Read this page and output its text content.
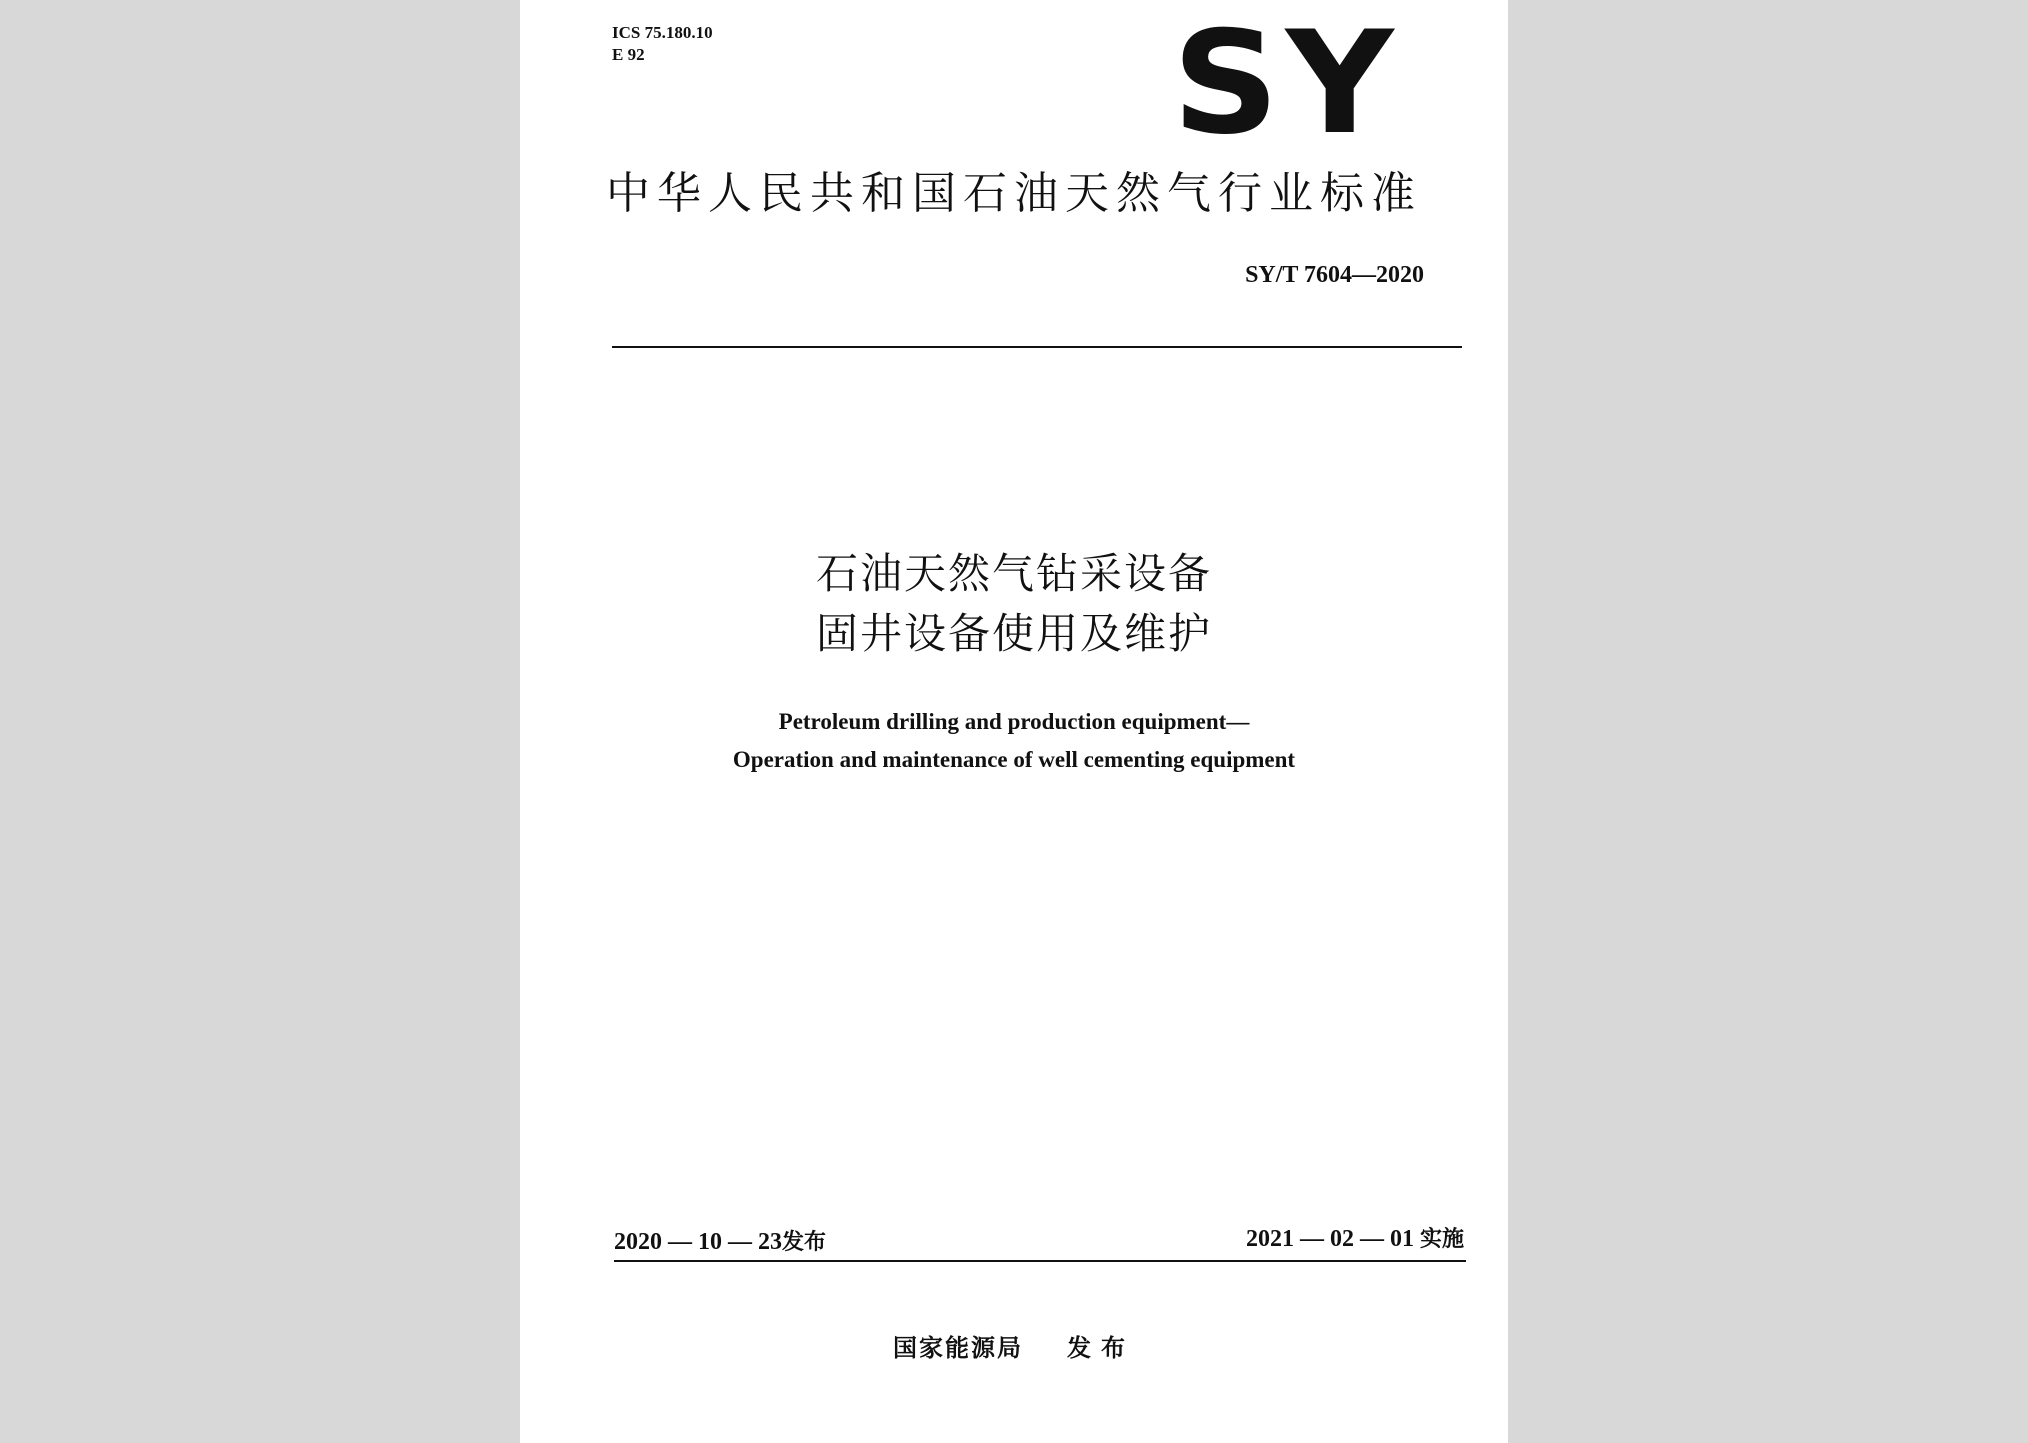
ICS 75.180.10
E 92	SY
中华人民共和国石油天然气行业标准
SY/T 7604—2020
石油天然气钻采设备
固井设备使用及维护
Petroleum drilling and production equipment—
Operation and maintenance of well cementing equipment
2020 — 10 — 23发布	2021 — 02 — 01 实施
国家能源局 发布
